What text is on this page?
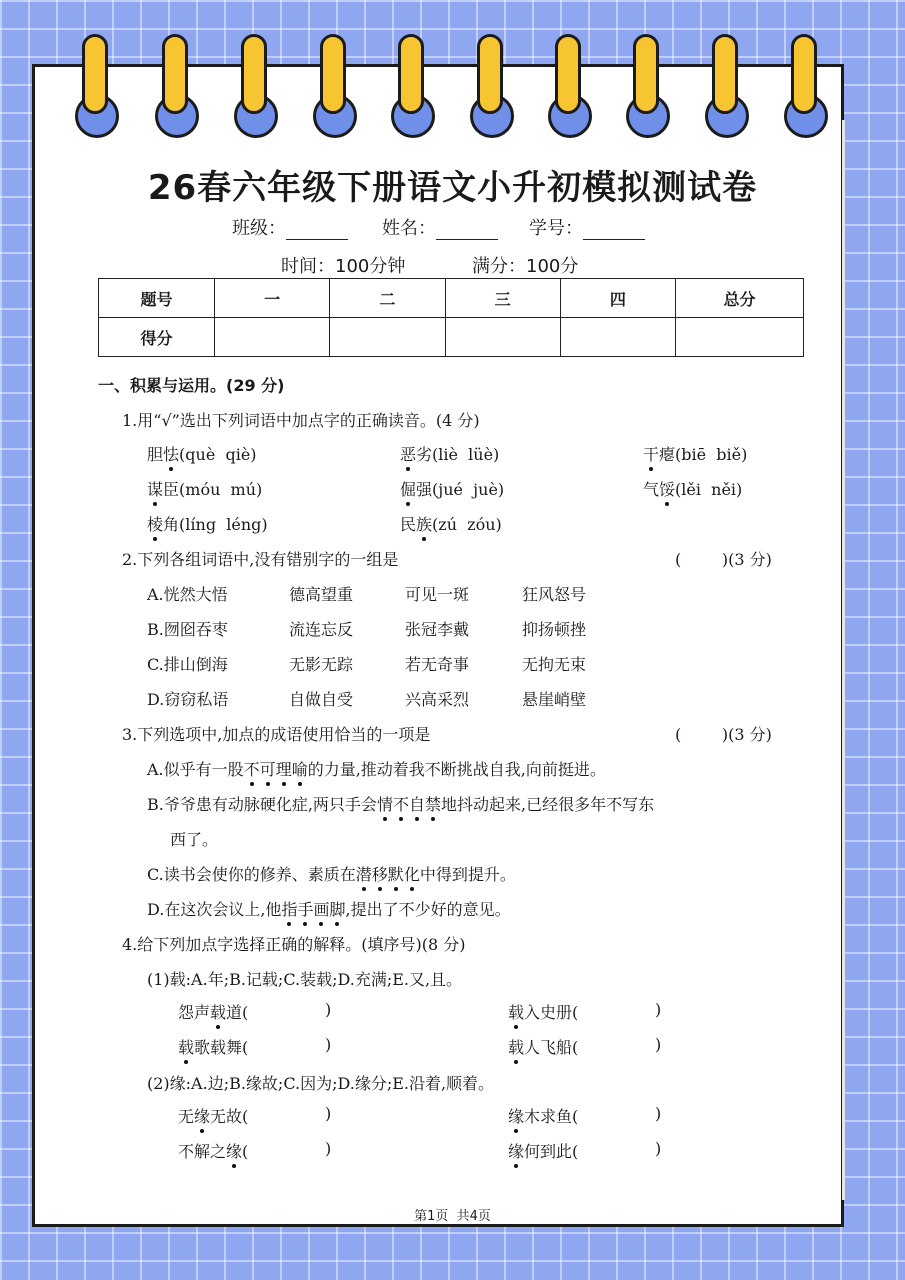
26春六年级下册语文小升初模拟测试卷
班级：	姓名：	学号：
时间：100分钟	满分：100分
题号	一	二	三	四	总分
得分					
一、积累与运用。(29 分)
1.用“√”选出下列词语中加点字的正确读音。(4 分)
胆怯(què  qiè)	恶劣(liè  lüè)	干瘪(biē  biě)
谋臣(móu  mú)	倔强(jué  juè)	气馁(lěi  něi)
棱角(líng  léng)	民族(zú  zóu)
2.下列各组词语中,没有错别字的一组是	(        )(3 分)
A.恍然大悟	德高望重	可见一斑	狂风怒号
B.囫囵吞枣	流连忘反	张冠李戴	抑扬顿挫
C.排山倒海	无影无踪	若无奇事	无拘无束
D.窃窃私语	自做自受	兴高采烈	悬崖峭壁
3.下列选项中,加点的成语使用恰当的一项是	(        )(3 分)
A.似乎有一股不可理喻的力量,推动着我不断挑战自我,向前挺进。
B.爷爷患有动脉硬化症,两只手会情不自禁地抖动起来,已经很多年不写东
西了。
C.读书会使你的修养、素质在潜移默化中得到提升。
D.在这次会议上,他指手画脚,提出了不少好的意见。
4.给下列加点字选择正确的解释。(填序号)(8 分)
(1)载:A.年;B.记载;C.装载;D.充满;E.又,且。
怨声载道(	)	载入史册(	)
载歌载舞(	)	载人飞船(	)
(2)缘:A.边;B.缘故;C.因为;D.缘分;E.沿着,顺着。
无缘无故(	)	缘木求鱼(	)
不解之缘(	)	缘何到此(	)
第1页  共4页
